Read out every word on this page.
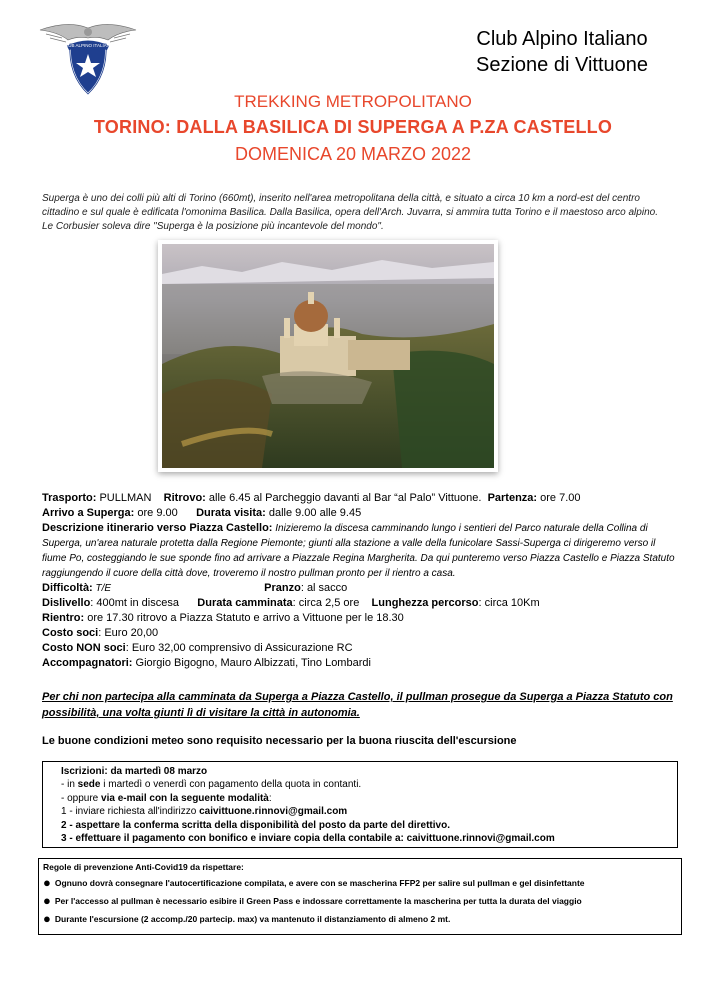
CLUB ALPINO ITALIANO	Club Alpino Italiano
Sezione di Vittuone
TREKKING METROPOLITANO
TORINO: DALLA BASILICA DI SUPERGA A P.ZA CASTELLO
DOMENICA 20 MARZO 2022
Superga è uno dei colli più alti di Torino (660mt), inserito nell'area metropolitana della città, e situato a circa 10 km a nord-est del centro cittadino e sul quale è edificata l'omonima Basilica. Dalla Basilica, opera dell'Arch. Juvarra, si ammira tutta Torino e il maestoso arco alpino. Le Corbusier soleva dire "Superga è la posizione più incantevole del mondo".

Trasporto: PULLMAN Ritrovo: alle 6.45 al Parcheggio davanti al Bar “al Palo” Vittuone. Partenza: ore 7.00

Arrivo a Superga: ore 9.00 Durata visita: dalle 9.00 alle 9.45

Descrizione itinerario verso Piazza Castello: Inizieremo la discesa camminando lungo i sentieri del Parco naturale della Collina di Superga, un'area naturale protetta dalla Regione Piemonte; giunti alla stazione a valle della funicolare Sassi-Superga ci dirigeremo verso il fiume Po, costeggiando le sue sponde fino ad arrivare a Piazzale Regina Margherita. Da qui punteremo verso Piazza Castello e Piazza Statuto raggiungendo il cuore della città dove, troveremo il nostro pullman pronto per il rientro a casa.

Difficoltà: T/E	Pranzo: al sacco

Dislivello: 400mt in discesa Durata camminata: circa 2,5 ore Lunghezza percorso: circa 10Km

Rientro: ore 17.30 ritrovo a Piazza Statuto e arrivo a Vittuone per le 18.30

Costo soci: Euro 20,00

Costo NON soci: Euro 32,00 comprensivo di Assicurazione RC

Accompagnatori: Giorgio Bigogno, Mauro Albizzati, Tino Lombardi

Per chi non partecipa alla camminata da Superga a Piazza Castello, il pullman prosegue da Superga a Piazza Statuto con possibilità, una volta giunti lì di visitare la città in autonomia.
Le buone condizioni meteo sono requisito necessario per la buona riuscita dell'escursione

Iscrizioni: da martedì 08 marzo

- in sede i martedì o venerdì con pagamento della quota in contanti.

- oppure via e-mail con la seguente modalità:

1 - inviare richiesta all'indirizzo caivittuone.rinnovi@gmail.com

2 - aspettare la conferma scritta della disponibilità del posto da parte del direttivo.

3 - effettuare il pagamento con bonifico e inviare copia della contabile a: caivittuone.rinnovi@gmail.com

Regole di prevenzione Anti-Covid19 da rispettare:
● Ognuno dovrà consegnare l'autocertificazione compilata, e avere con se mascherina FFP2 per salire sul pullman e gel disinfettante
● Per l'accesso al pullman è necessario esibire il Green Pass e indossare correttamente la mascherina per tutta la durata del viaggio
● Durante l'escursione (2 accomp./20 partecip. max) va mantenuto il distanziamento di almeno 2 mt.
